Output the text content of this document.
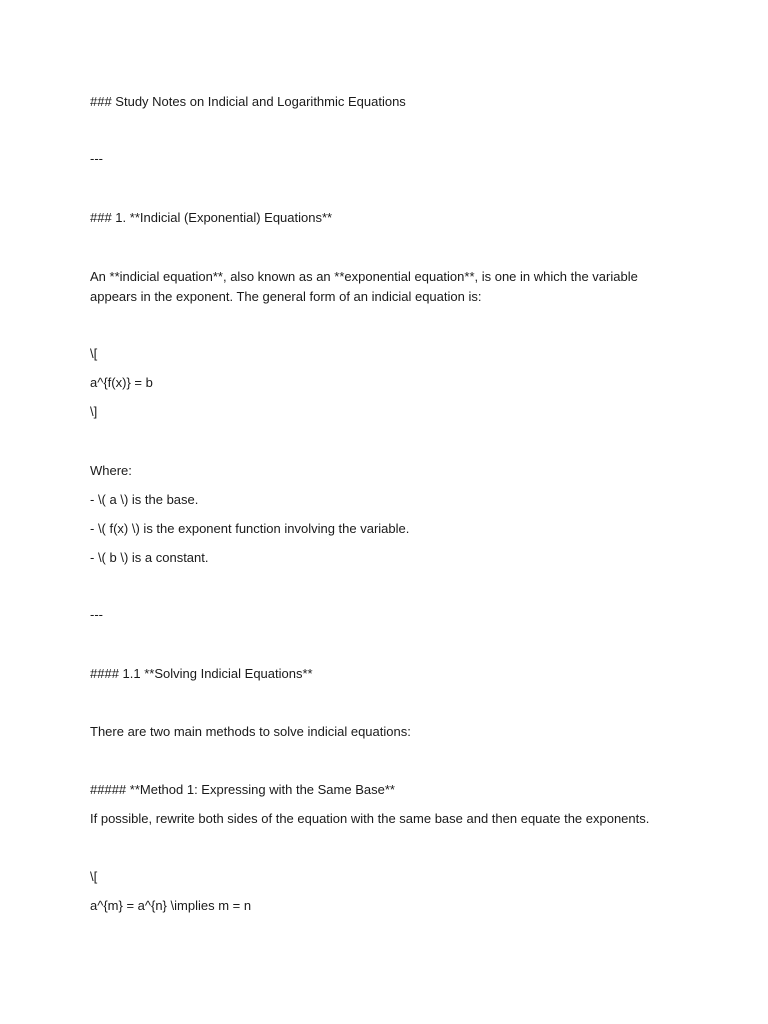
### Study Notes on Indicial and Logarithmic Equations
---
### 1. **Indicial (Exponential) Equations**
An **indicial equation**, also known as an **exponential equation**, is one in which the variable
appears in the exponent. The general form of an indicial equation is:
\[
a^{f(x)} = b
\]
Where:
- \( a \) is the base.
- \( f(x) \) is the exponent function involving the variable.
- \( b \) is a constant.
---
#### 1.1 **Solving Indicial Equations**
There are two main methods to solve indicial equations:
##### **Method 1: Expressing with the Same Base**
If possible, rewrite both sides of the equation with the same base and then equate the exponents.
\[
a^{m} = a^{n} \implies m = n
